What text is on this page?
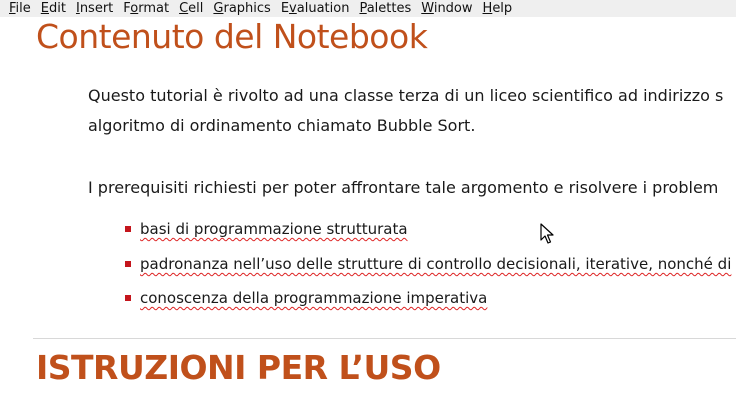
File Edit Insert Format Cell Graphics Evaluation Palettes Window Help
Contenuto del Notebook

Questo tutorial è rivolto ad una classe terza di un liceo scientifico ad indirizzo s

algoritmo di ordinamento chiamato Bubble Sort.

I prerequisiti richiesti per poter affrontare tale argomento e risolvere i problem

basi di programmazione strutturata
padronanza nell’uso delle strutture di controllo decisionali, iterative, nonché di
conoscenza della programmazione imperativa
ISTRUZIONI PER L’USO
